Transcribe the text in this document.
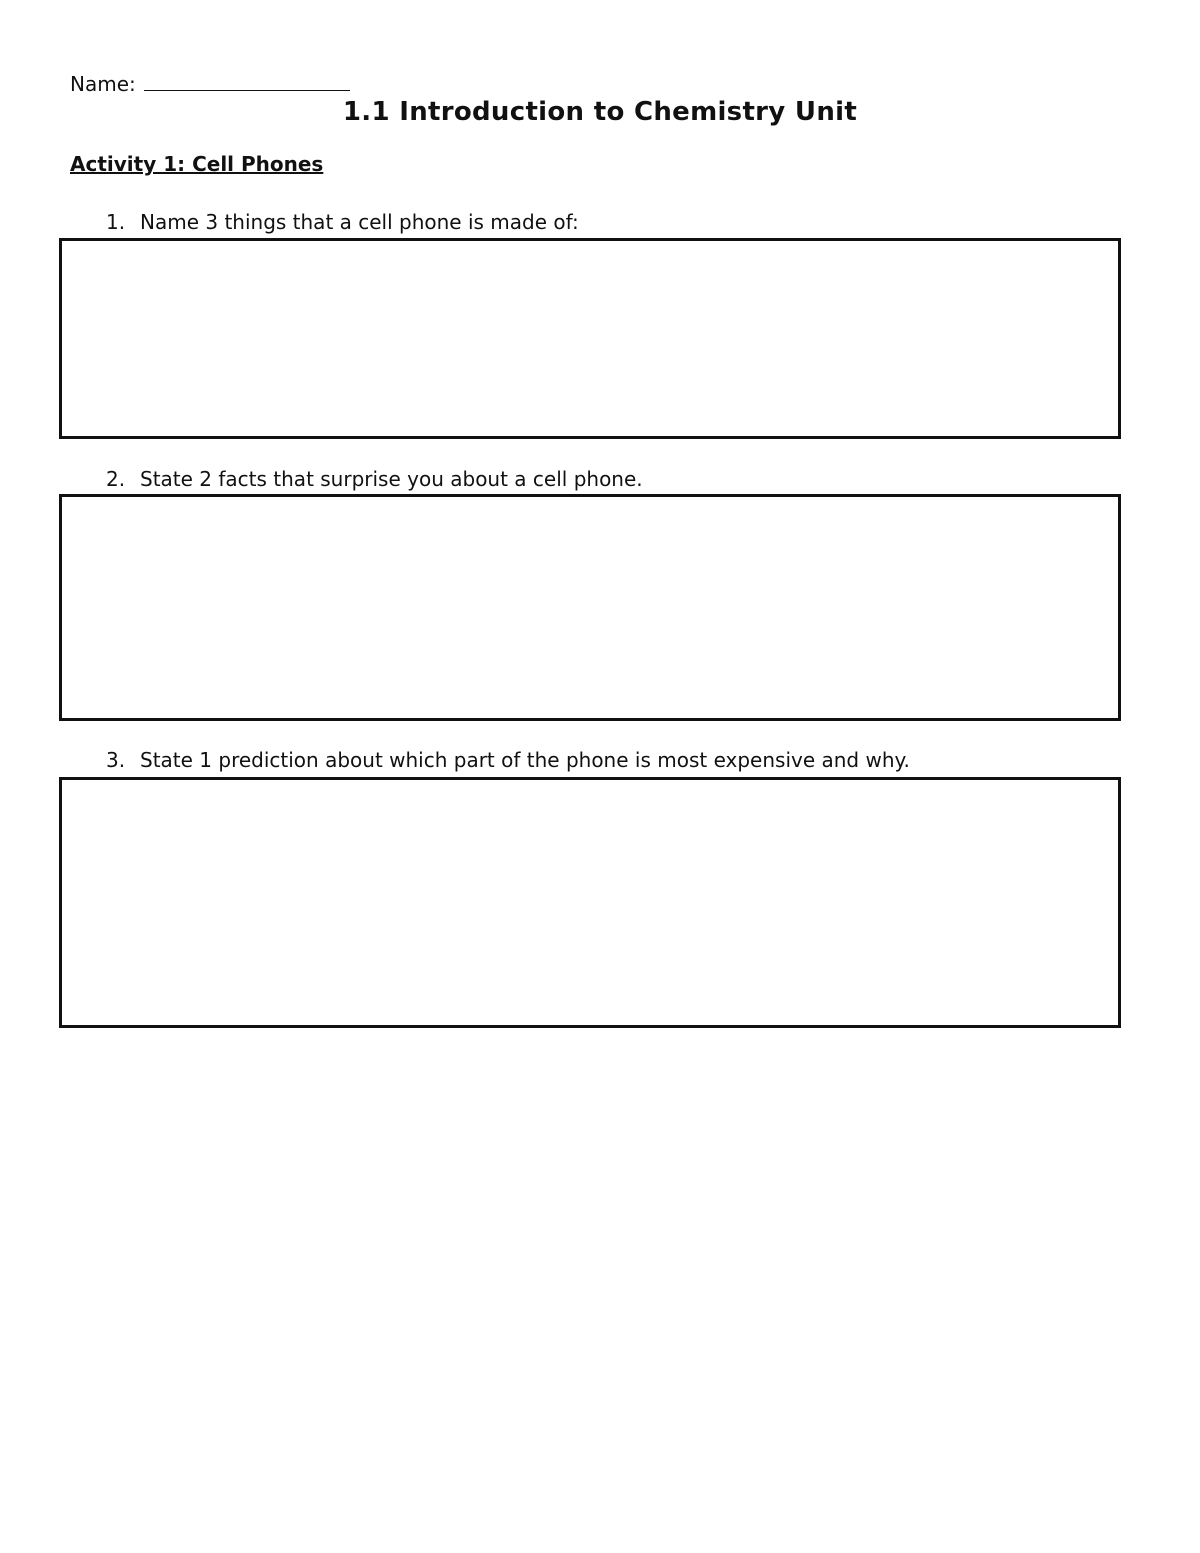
Name:
1.1 Introduction to Chemistry Unit
Activity 1: Cell Phones
1. Name 3 things that a cell phone is made of:
2. State 2 facts that surprise you about a cell phone.
3. State 1 prediction about which part of the phone is most expensive and why.
